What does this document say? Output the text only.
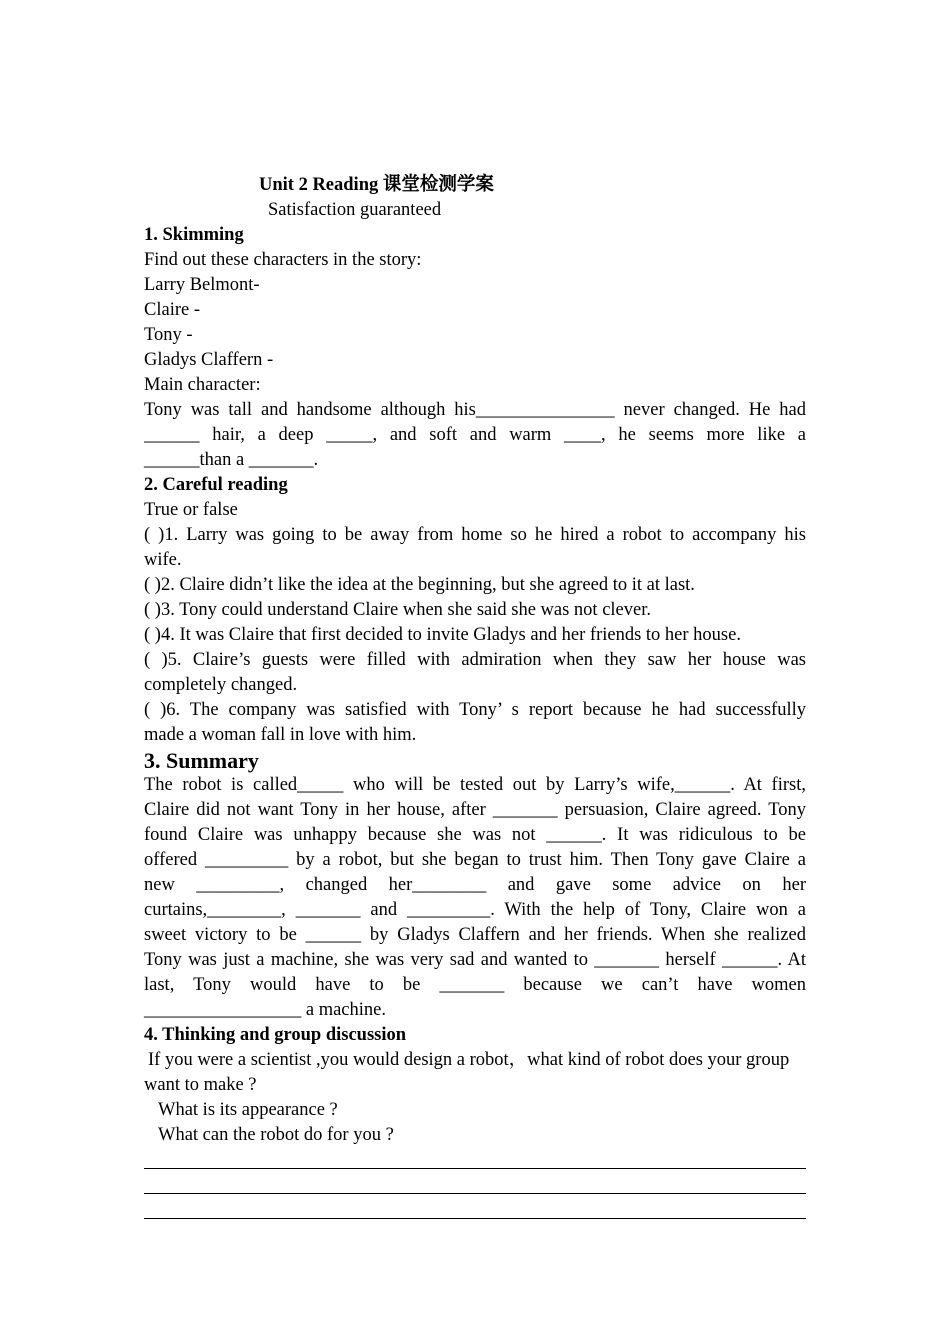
Unit 2 Reading 课堂检测学案
Satisfaction guaranteed
1. Skimming
Find out these characters in the story:
Larry Belmont-
Claire -
Tony -
Gladys Claffern -
Main character:
Tony was tall and handsome although his_______________ never changed. He had
______ hair, a deep _____, and soft and warm ____, he seems more like a
______than a _______.
2. Careful reading
True or false
( )1. Larry was going to be away from home so he hired a robot to accompany his
wife.
( )2. Claire didn’t like the idea at the beginning, but she agreed to it at last.
( )3. Tony could understand Claire when she said she was not clever.
( )4. It was Claire that first decided to invite Gladys and her friends to her house.
( )5. Claire’s guests were filled with admiration when they saw her house was
completely changed.
( )6. The company was satisfied with Tony’ s report because he had successfully
made a woman fall in love with him.
3. Summary
The robot is called_____ who will be tested out by Larry’s wife,______. At first,
Claire did not want Tony in her house, after _______ persuasion, Claire agreed. Tony
found Claire was unhappy because she was not ______. It was ridiculous to be
offered _________ by a robot, but she began to trust him. Then Tony gave Claire a
new _________, changed her________ and gave some advice on her
curtains,________, _______ and _________. With the help of Tony, Claire won a
sweet victory to be ______ by Gladys Claffern and her friends. When she realized
Tony was just a machine, she was very sad and wanted to _______ herself ______. At
last, Tony would have to be _______ because we can’t have women
_________________ a machine.
4. Thinking and group discussion
If you were a scientist ,you would design a robot，what kind of robot does your group
want to make ?
What is its appearance ?
What can the robot do for you ?
